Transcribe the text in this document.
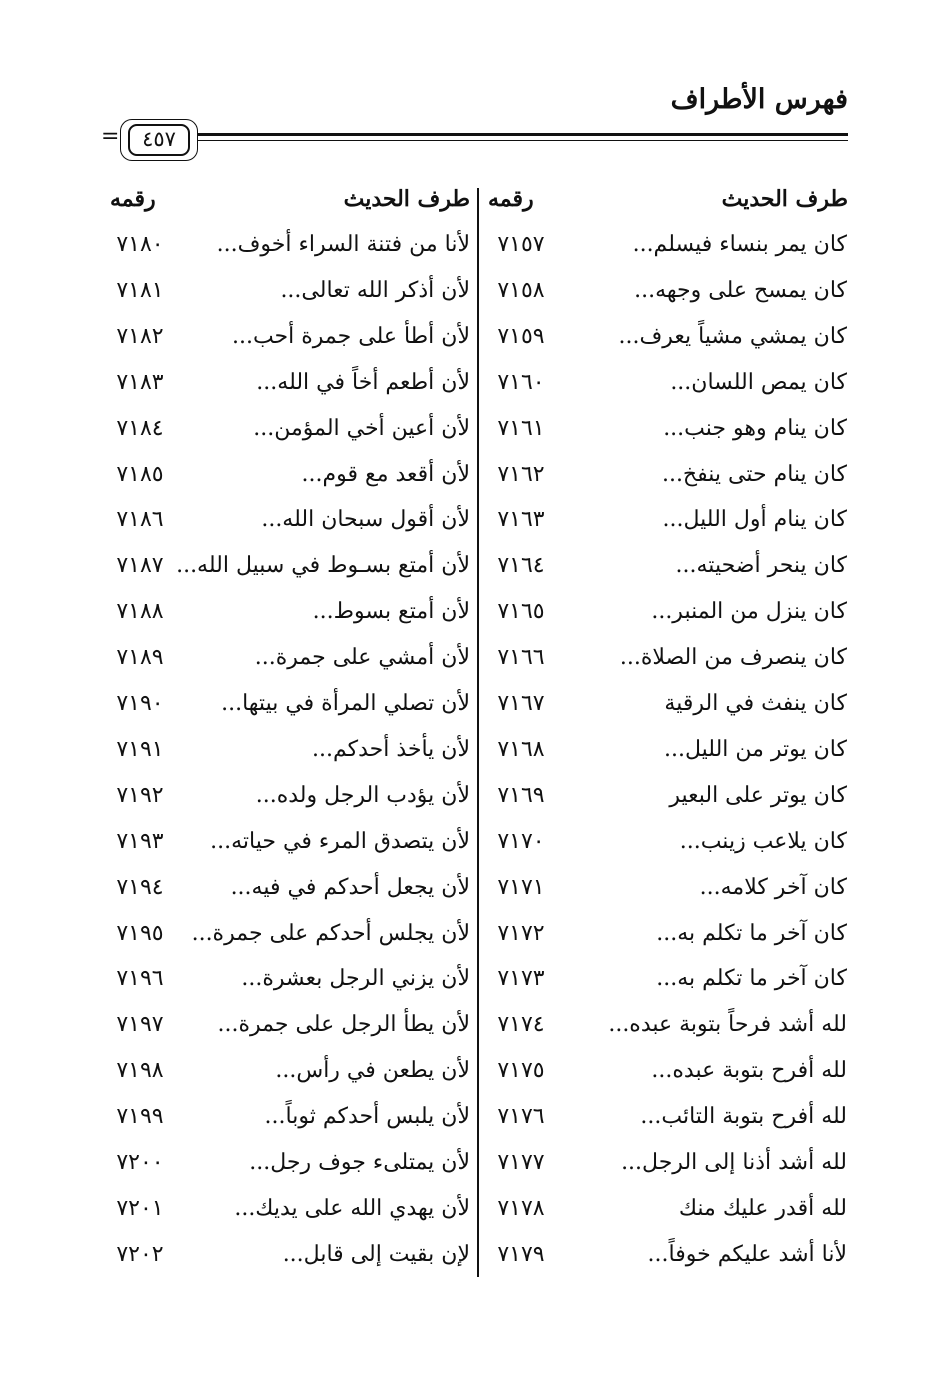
فهرس الأطراف
٤٥٧
=
طرف الحديث
رقمه
طرف الحديث
رقمه
كان يمر بنساء فيسلم...
٧١٥٧
لأنا من فتنة السراء أخوف...
٧١٨٠
كان يمسح على وجهه...
٧١٥٨
لأن أذكر الله تعالى...
٧١٨١
كان يمشي مشياً يعرف...
٧١٥٩
لأن أطأ على جمرة أحب...
٧١٨٢
كان يمص اللسان...
٧١٦٠
لأن أطعم أخاً في الله...
٧١٨٣
كان ينام وهو جنب...
٧١٦١
لأن أعين أخي المؤمن...
٧١٨٤
كان ينام حتى ينفخ...
٧١٦٢
لأن أقعد مع قوم...
٧١٨٥
كان ينام أول الليل...
٧١٦٣
لأن أقول سبحان الله...
٧١٨٦
كان ينحر أضحيته...
٧١٦٤
لأن أمتع بسـوط في سبيل الله...
٧١٨٧
كان ينزل من المنبر...
٧١٦٥
لأن أمتع بسوط...
٧١٨٨
كان ينصرف من الصلاة...
٧١٦٦
لأن أمشي على جمرة...
٧١٨٩
كان ينفث في الرقية
٧١٦٧
لأن تصلي المرأة في بيتها...
٧١٩٠
كان يوتر من الليل...
٧١٦٨
لأن يأخذ أحدكم...
٧١٩١
كان يوتر على البعير
٧١٦٩
لأن يؤدب الرجل ولده...
٧١٩٢
كان يلاعب زينب...
٧١٧٠
لأن يتصدق المرء في حياته...
٧١٩٣
كان آخر كلامه...
٧١٧١
لأن يجعل أحدكم في فيه...
٧١٩٤
كان آخر ما تكلم به...
٧١٧٢
لأن يجلس أحدكم على جمرة...
٧١٩٥
كان آخر ما تكلم به...
٧١٧٣
لأن يزني الرجل بعشرة...
٧١٩٦
لله أشد فرحاً بتوبة عبده...
٧١٧٤
لأن يطأ الرجل على جمرة...
٧١٩٧
لله أفرح بتوبة عبده...
٧١٧٥
لأن يطعن في رأس...
٧١٩٨
لله أفرح بتوبة التائب...
٧١٧٦
لأن يلبس أحدكم ثوباً...
٧١٩٩
لله أشد أذنا إلى الرجل...
٧١٧٧
لأن يمتلىء جوف رجل...
٧٢٠٠
لله أقدر عليك منك
٧١٧٨
لأن يهدي الله على يديك...
٧٢٠١
لأنا أشد عليكم خوفاً...
٧١٧٩
لإن بقيت إلى قابل...
٧٢٠٢
